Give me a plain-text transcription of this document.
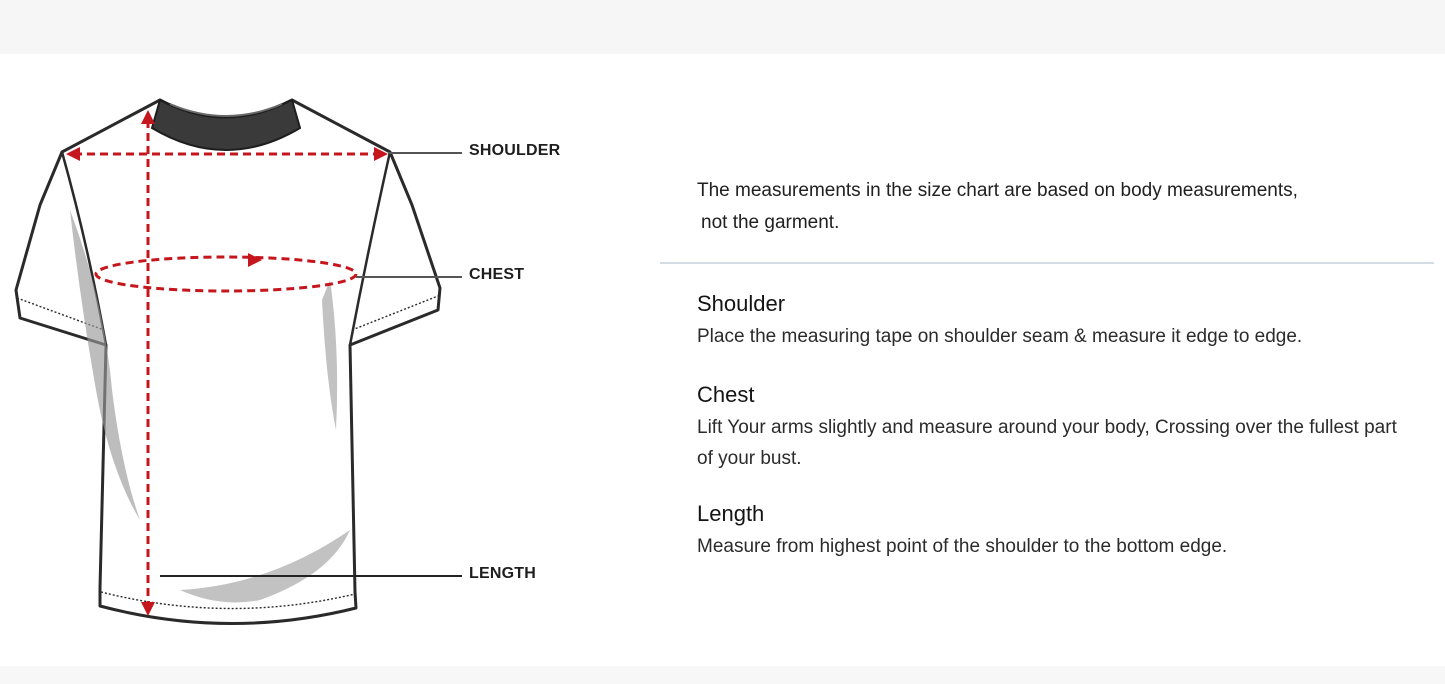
SHOULDER
CHEST
LENGTH
The measurements in the size chart are based on body measurements,
not the garment.
Shoulder

Place the measuring tape on shoulder seam & measure it edge to edge.

Chest

Lift Your arms slightly and measure around your body, Crossing over the fullest part of your bust.

Length

Measure from highest point of the shoulder to the bottom edge.
